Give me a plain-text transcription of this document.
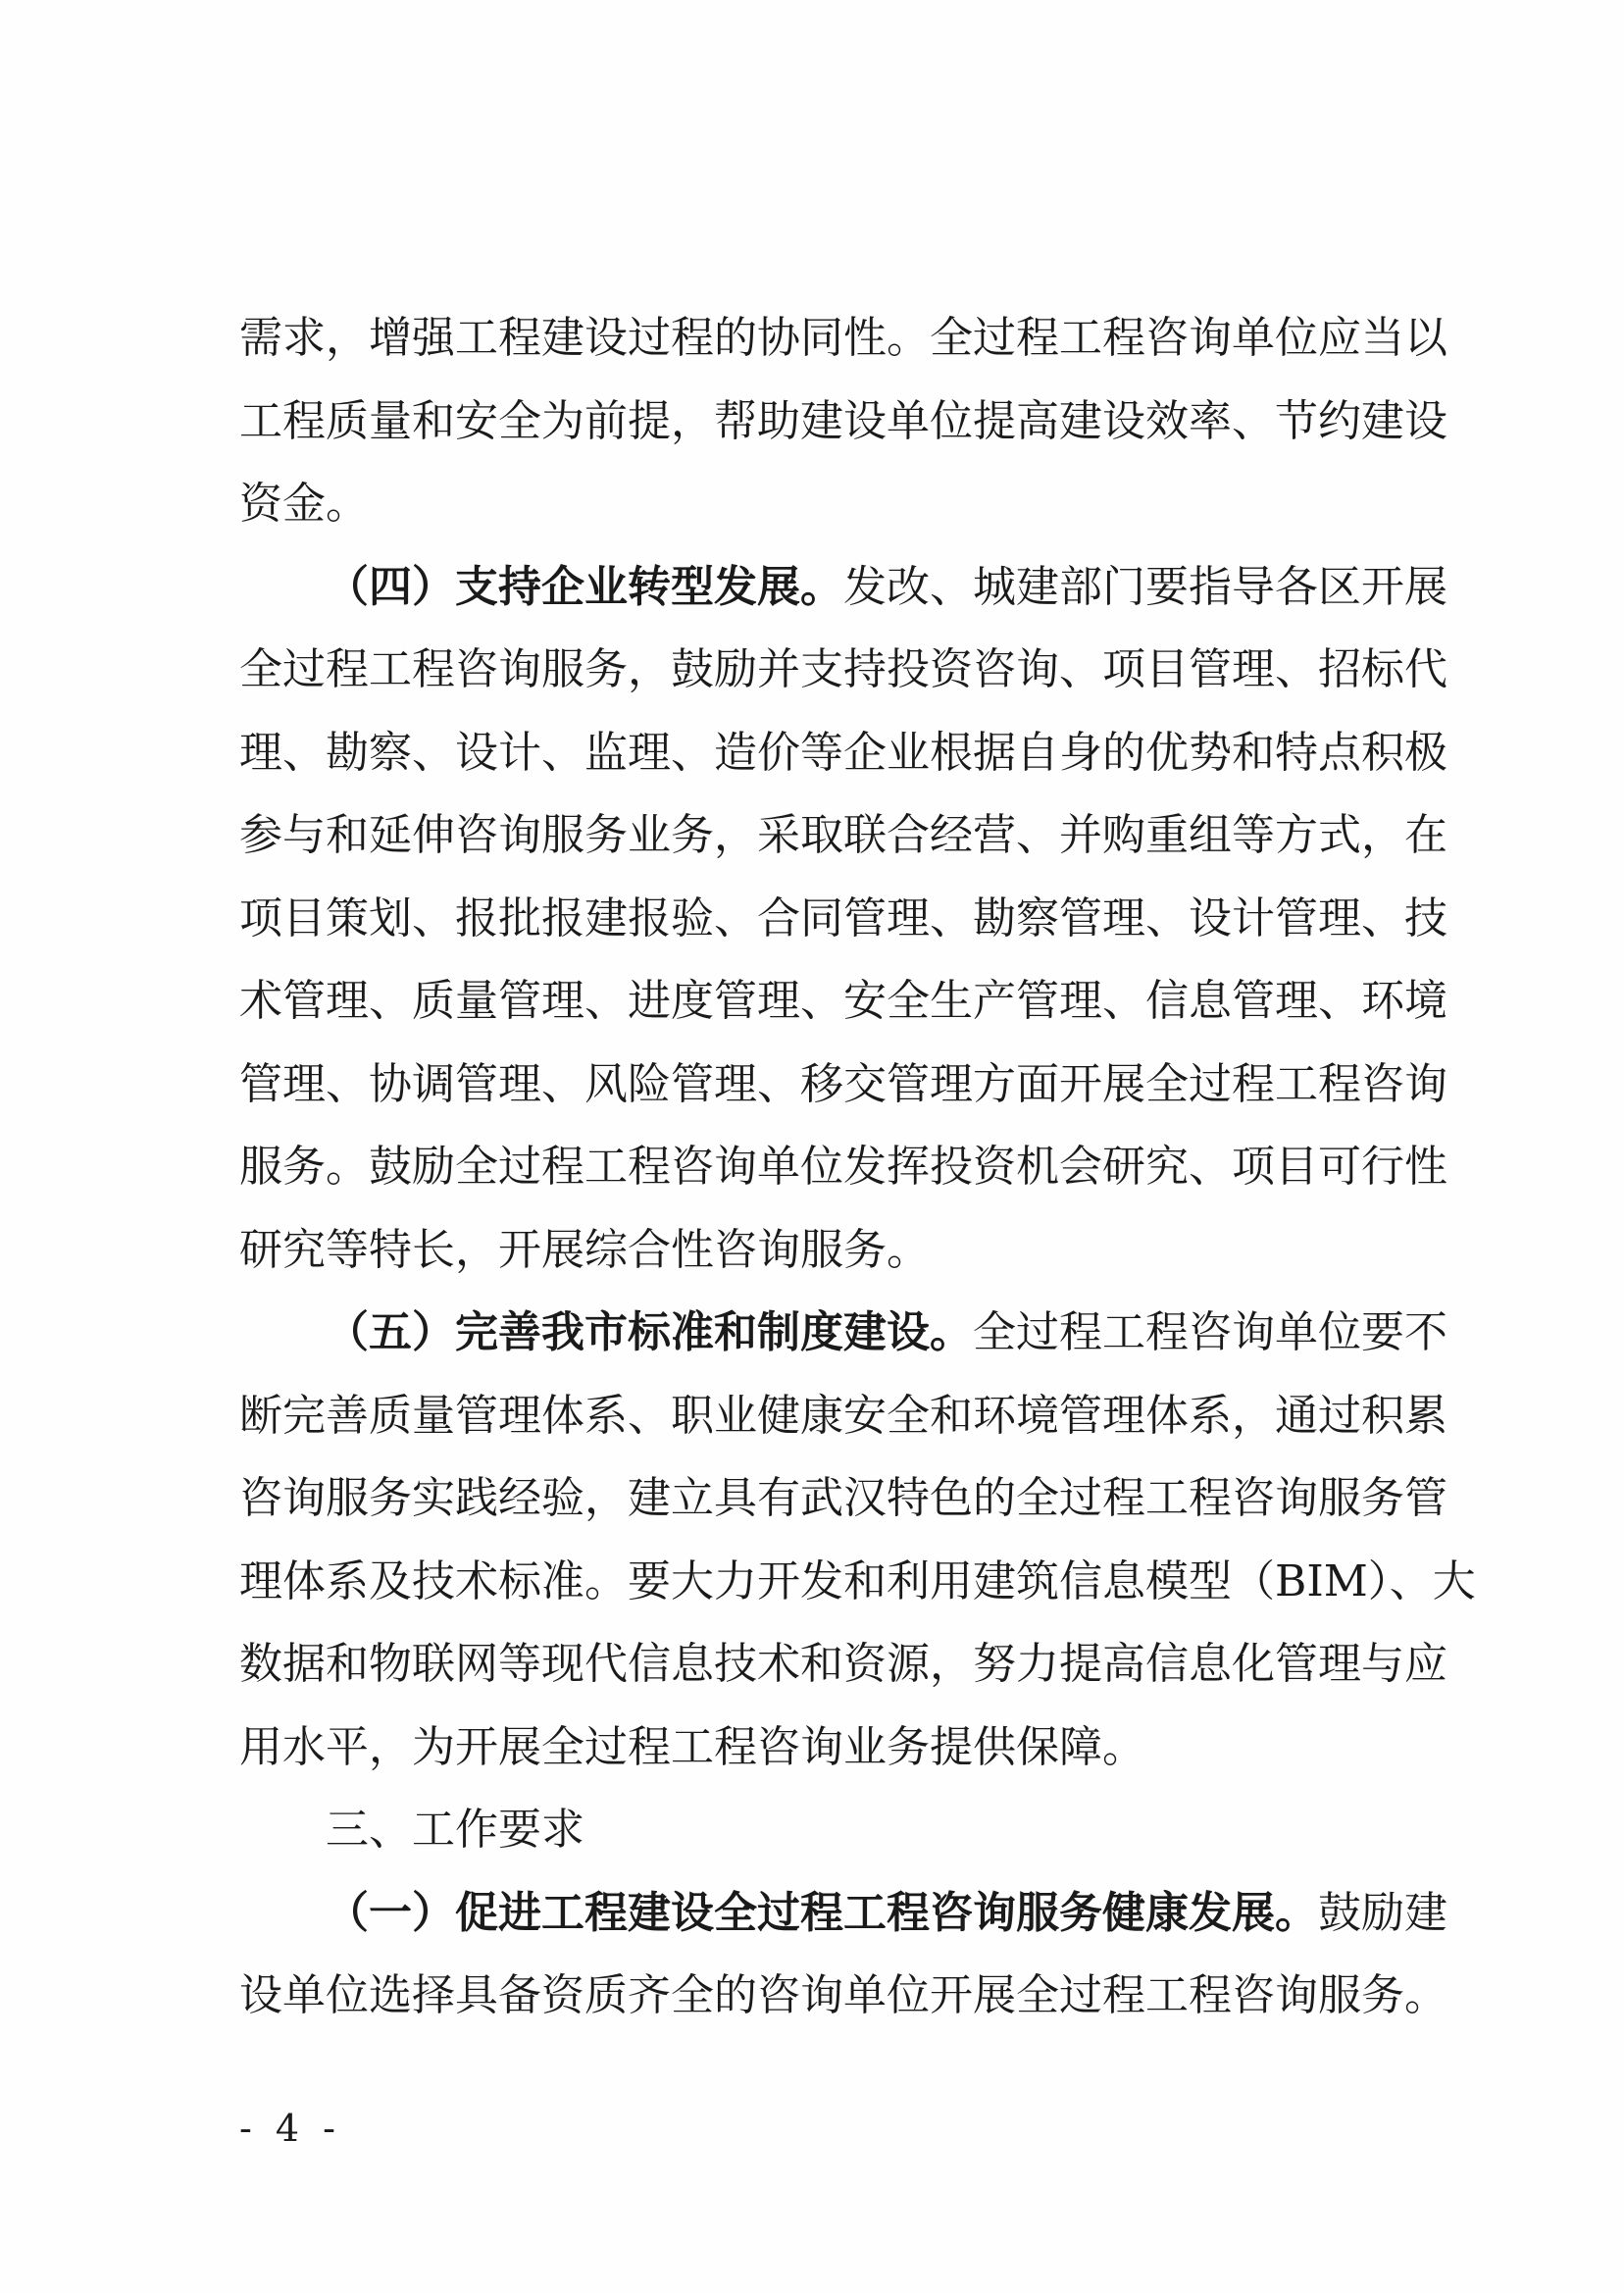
需求，增强工程建设过程的协同性。全过程工程咨询单位应当以
工程质量和安全为前提，帮助建设单位提高建设效率、节约建设
资金。
（四）支持企业转型发展。发改、城建部门要指导各区开展
全过程工程咨询服务，鼓励并支持投资咨询、项目管理、招标代
理、勘察、设计、监理、造价等企业根据自身的优势和特点积极
参与和延伸咨询服务业务，采取联合经营、并购重组等方式，在
项目策划、报批报建报验、合同管理、勘察管理、设计管理、技
术管理、质量管理、进度管理、安全生产管理、信息管理、环境
管理、协调管理、风险管理、移交管理方面开展全过程工程咨询
服务。鼓励全过程工程咨询单位发挥投资机会研究、项目可行性
研究等特长，开展综合性咨询服务。
（五）完善我市标准和制度建设。全过程工程咨询单位要不
断完善质量管理体系、职业健康安全和环境管理体系，通过积累
咨询服务实践经验，建立具有武汉特色的全过程工程咨询服务管
理体系及技术标准。要大力开发和利用建筑信息模型（BIM）、大
数据和物联网等现代信息技术和资源，努力提高信息化管理与应
用水平，为开展全过程工程咨询业务提供保障。
三、工作要求
（一）促进工程建设全过程工程咨询服务健康发展。鼓励建
设单位选择具备资质齐全的咨询单位开展全过程工程咨询服务。
- 4 -
